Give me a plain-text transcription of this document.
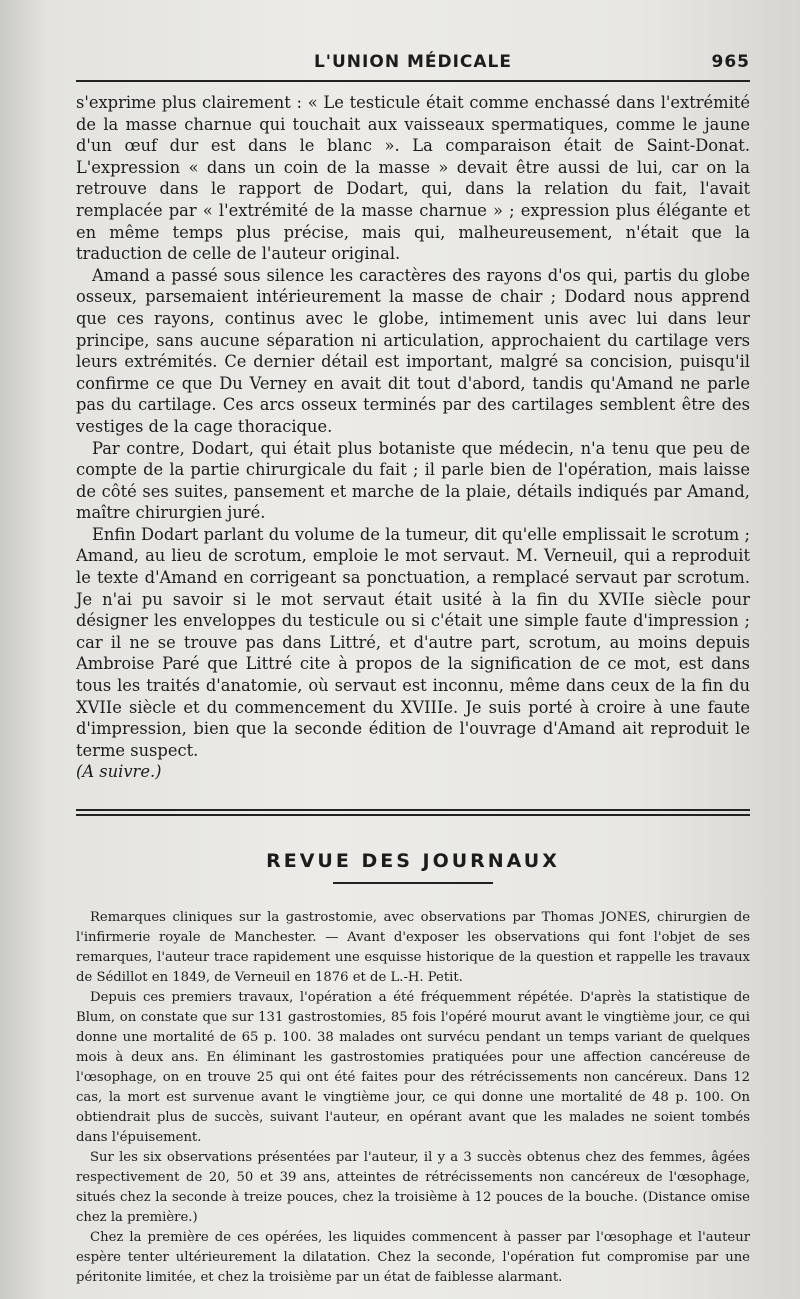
L'UNION MÉDICALE	965

s'exprime plus clairement : « Le testicule était comme enchassé dans l'extrémité de la masse charnue qui touchait aux vaisseaux spermatiques, comme le jaune d'un œuf dur est dans le blanc ». La comparaison était de Saint-Donat. L'expression « dans un coin de la masse » devait être aussi de lui, car on la retrouve dans le rapport de Dodart, qui, dans la relation du fait, l'avait remplacée par « l'extrémité de la masse charnue » ; expression plus élégante et en même temps plus précise, mais qui, malheureusement, n'était que la traduction de celle de l'auteur original.

Amand a passé sous silence les caractères des rayons d'os qui, partis du globe osseux, parsemaient intérieurement la masse de chair ; Dodard nous apprend que ces rayons, continus avec le globe, intimement unis avec lui dans leur principe, sans aucune séparation ni articulation, approchaient du cartilage vers leurs extrémités. Ce dernier détail est important, malgré sa concision, puisqu'il confirme ce que Du Verney en avait dit tout d'abord, tandis qu'Amand ne parle pas du cartilage. Ces arcs osseux terminés par des cartilages semblent être des vestiges de la cage thoracique.

Par contre, Dodart, qui était plus botaniste que médecin, n'a tenu que peu de compte de la partie chirurgicale du fait ; il parle bien de l'opération, mais laisse de côté ses suites, pansement et marche de la plaie, détails indiqués par Amand, maître chirurgien juré.

Enfin Dodart parlant du volume de la tumeur, dit qu'elle emplissait le scrotum ; Amand, au lieu de scrotum, emploie le mot servaut. M. Verneuil, qui a reproduit le texte d'Amand en corrigeant sa ponctuation, a remplacé servaut par scrotum. Je n'ai pu savoir si le mot servaut était usité à la fin du XVIIe siècle pour désigner les enveloppes du testicule ou si c'était une simple faute d'impression ; car il ne se trouve pas dans Littré, et d'autre part, scrotum, au moins depuis Ambroise Paré que Littré cite à propos de la signification de ce mot, est dans tous les traités d'anatomie, où servaut est inconnu, même dans ceux de la fin du XVIIe siècle et du commencement du XVIIIe. Je suis porté à croire à une faute d'impression, bien que la seconde édition de l'ouvrage d'Amand ait reproduit le terme suspect.

(A suivre.)

REVUE DES JOURNAUX

Remarques cliniques sur la gastrostomie, avec observations par Thomas JONES, chirurgien de l'infirmerie royale de Manchester. — Avant d'exposer les observations qui font l'objet de ses remarques, l'auteur trace rapidement une esquisse historique de la question et rappelle les travaux de Sédillot en 1849, de Verneuil en 1876 et de L.-H. Petit.

Depuis ces premiers travaux, l'opération a été fréquemment répétée. D'après la statistique de Blum, on constate que sur 131 gastrostomies, 85 fois l'opéré mourut avant le vingtième jour, ce qui donne une mortalité de 65 p. 100. 38 malades ont survécu pendant un temps variant de quelques mois à deux ans. En éliminant les gastrostomies pratiquées pour une affection cancéreuse de l'œsophage, on en trouve 25 qui ont été faites pour des rétrécissements non cancéreux. Dans 12 cas, la mort est survenue avant le vingtième jour, ce qui donne une mortalité de 48 p. 100. On obtiendrait plus de succès, suivant l'auteur, en opérant avant que les malades ne soient tombés dans l'épuisement.

Sur les six observations présentées par l'auteur, il y a 3 succès obtenus chez des femmes, âgées respectivement de 20, 50 et 39 ans, atteintes de rétrécissements non cancéreux de l'œsophage, situés chez la seconde à treize pouces, chez la troisième à 12 pouces de la bouche. (Distance omise chez la première.)

Chez la première de ces opérées, les liquides commencent à passer par l'œsophage et l'auteur espère tenter ultérieurement la dilatation. Chez la seconde, l'opération fut compromise par une péritonite limitée, et chez la troisième par un état de faiblesse alarmant.
